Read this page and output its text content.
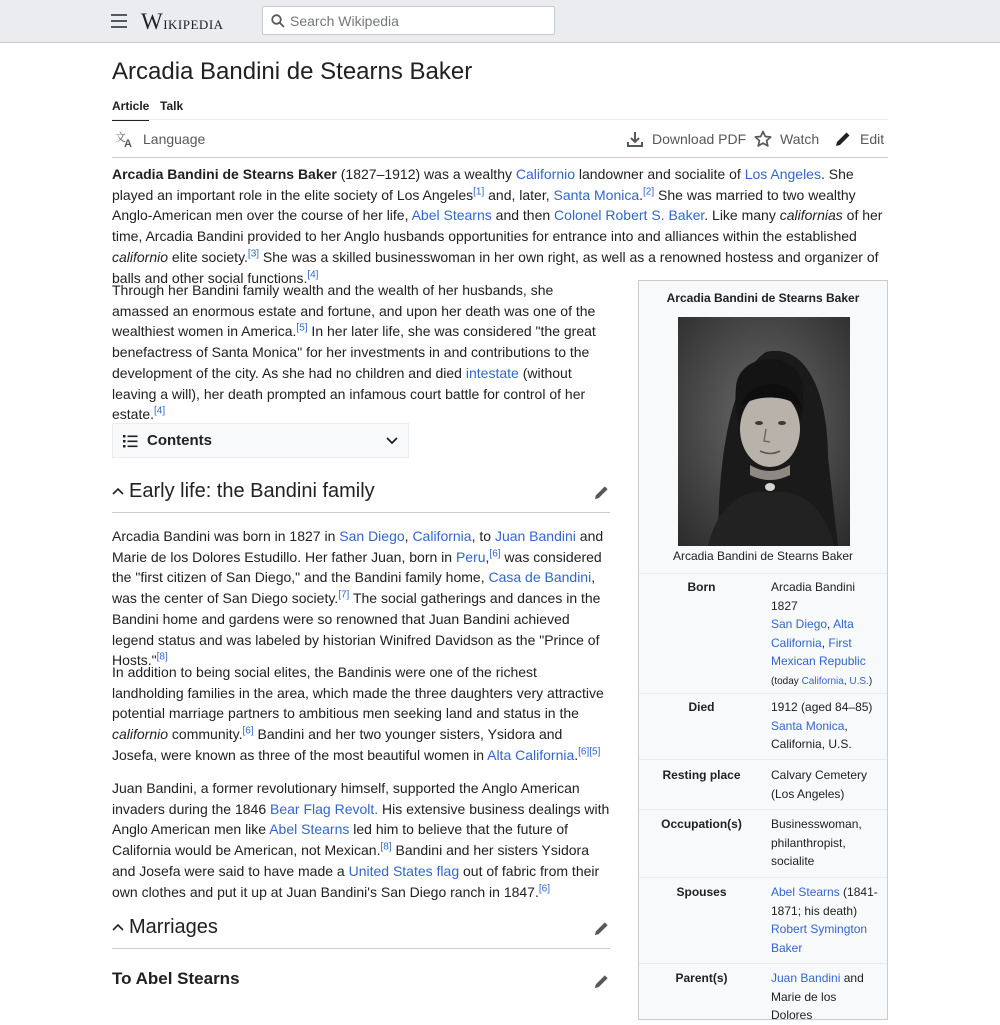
Wikipedia
Search Wikipedia
Arcadia Bandini de Stearns Baker
Article Talk
文
A Language	Download PDF Watch	Edit

Arcadia Bandini de Stearns Baker (1827–1912) was a wealthy Californio landowner and socialite of Los Angeles. She played an important role in the elite society of Los Angeles[1] and, later, Santa Monica.[2] She was married to two wealthy Anglo-American men over the course of her life, Abel Stearns and then Colonel Robert S. Baker. Like many californias of her time, Arcadia Bandini provided to her Anglo husbands opportunities for entrance into and alliances within the established californio elite society.[3] She was a skilled businesswoman in her own right, as well as a renowned hostess and organizer of balls and other social functions.[4]

Through her Bandini family wealth and the wealth of her husbands, she amassed an enormous estate and fortune, and upon her death was one of the wealthiest women in America.[5] In her later life, she was considered "the great benefactress of Santa Monica" for her investments in and contributions to the development of the city. As she had no children and died intestate (without leaving a will), her death prompted an infamous court battle for control of her estate.[4]

Contents
Early life: the Bandini family

Arcadia Bandini was born in 1827 in San Diego, California, to Juan Bandini and Marie de los Dolores Estudillo. Her father Juan, born in Peru,[6] was considered the "first citizen of San Diego," and the Bandini family home, Casa de Bandini, was the center of San Diego society.[7] The social gatherings and dances in the Bandini home and gardens were so renowned that Juan Bandini achieved legend status and was labeled by historian Winifred Davidson as the "Prince of Hosts."[8]

In addition to being social elites, the Bandinis were one of the richest landholding families in the area, which made the three daughters very attractive potential marriage partners to ambitious men seeking land and status in the californio community.[6] Bandini and her two younger sisters, Ysidora and Josefa, were known as three of the most beautiful women in Alta California.[6][5]

Juan Bandini, a former revolutionary himself, supported the Anglo American invaders during the 1846 Bear Flag Revolt. His extensive business dealings with Anglo American men like Abel Stearns led him to believe that the future of California would be American, not Mexican.[8] Bandini and her sisters Ysidora and Josefa were said to have made a United States flag out of fabric from their own clothes and put it up at Juan Bandini's San Diego ranch in 1847.[6]

Marriages
To Abel Stearns
Arcadia Bandini de Stearns Baker
Arcadia Bandini de Stearns Baker
Born	Arcadia Bandini
1827
San Diego, Alta California, First Mexican Republic
(today California, U.S.)
Died	1912 (aged 84–85)
Santa Monica,
California, U.S.
Resting place	Calvary Cemetery (Los Angeles)
Occupation(s)	Businesswoman, philanthropist, socialite
Spouses	Abel Stearns (1841-1871; his death)
Robert Symington Baker
Parent(s)	Juan Bandini and Marie de los Dolores
